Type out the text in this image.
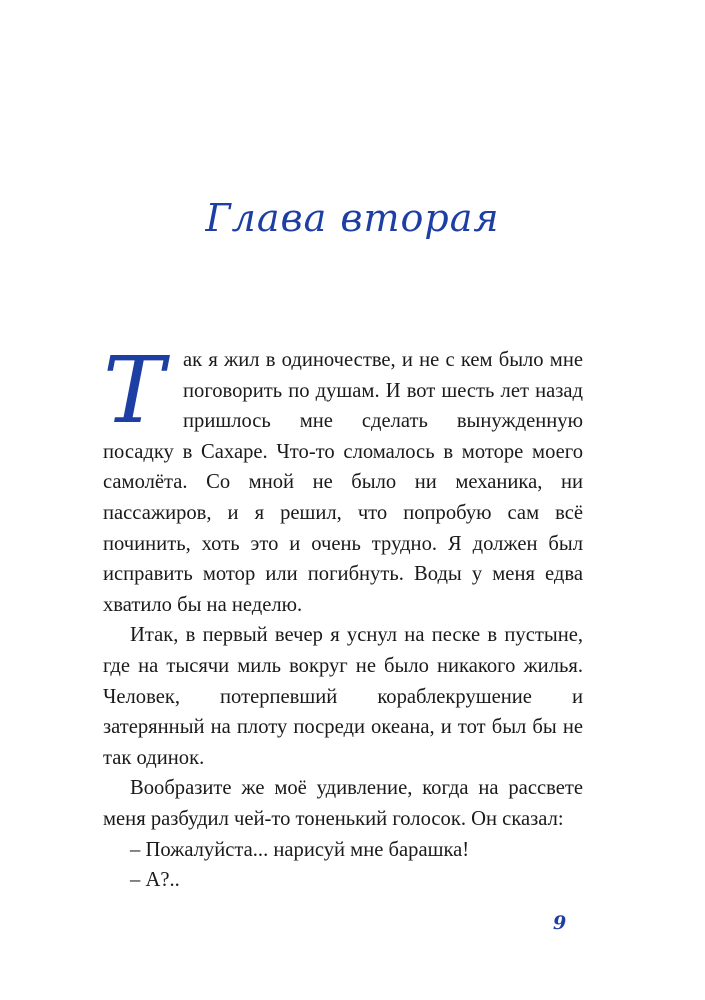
Глава вторая

Так я жил в одиночестве, и не с кем было мне поговорить по душам. И вот шесть лет назад пришлось мне сделать вынужденную посадку в Сахаре. Что-то сломалось в моторе моего самолёта. Со мной не было ни механика, ни пассажиров, и я решил, что попробую сам всё починить, хоть это и очень трудно. Я должен был исправить мотор или погибнуть. Воды у меня едва хватило бы на неделю.

Итак, в первый вечер я уснул на песке в пустыне, где на тысячи миль вокруг не было никакого жилья. Человек, потерпевший кораблекрушение и затерянный на плоту посреди океана, и тот был бы не так одинок.

Вообразите же моё удивление, когда на рассвете меня разбудил чей-то тоненький голосок. Он сказал:

– Пожалуйста... нарисуй мне барашка!

– А?..

9
